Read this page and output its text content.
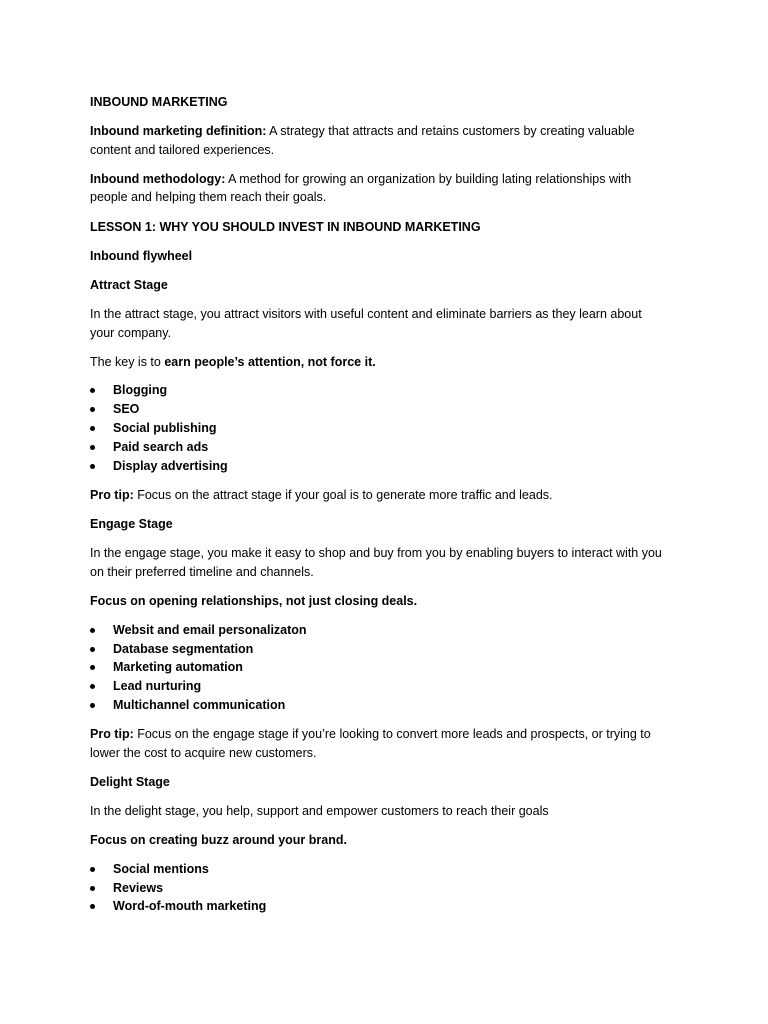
INBOUND MARKETING
Inbound marketing definition: A strategy that attracts and retains customers by creating valuable
content and tailored experiences.
Inbound methodology: A method for growing an organization by building lating relationships with
people and helping them reach their goals.
LESSON 1: WHY YOU SHOULD INVEST IN INBOUND MARKETING
Inbound flywheel
Attract Stage
In the attract stage, you attract visitors with useful content and eliminate barriers as they learn about
your company.
The key is to earn people’s attention, not force it.
Blogging
SEO
Social publishing
Paid search ads
Display advertising
Pro tip: Focus on the attract stage if your goal is to generate more traffic and leads.
Engage Stage
In the engage stage, you make it easy to shop and buy from you by enabling buyers to interact with you
on their preferred timeline and channels.
Focus on opening relationships, not just closing deals.
Websit and email personalizaton
Database segmentation
Marketing automation
Lead nurturing
Multichannel communication
Pro tip: Focus on the engage stage if you’re looking to convert more leads and prospects, or trying to
lower the cost to acquire new customers.
Delight Stage
In the delight stage, you help, support and empower customers to reach their goals
Focus on creating buzz around your brand.
Social mentions
Reviews
Word-of-mouth marketing
